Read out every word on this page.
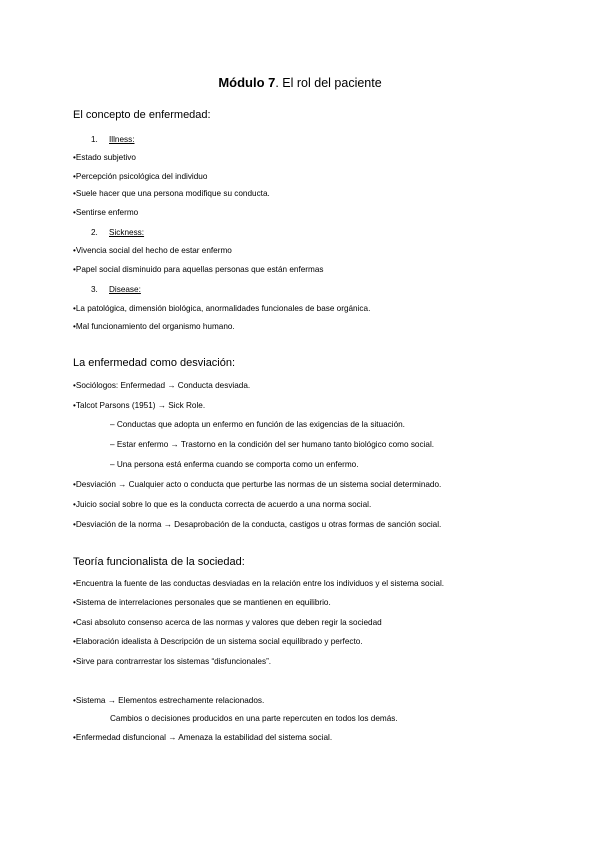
Módulo 7. El rol del paciente
El concepto de enfermedad:
1. Illness:
•Estado subjetivo
•Percepción psicológica del individuo
•Suele hacer que una persona modifique su conducta.
•Sentirse enfermo
2. Sickness:
•Vivencia social del hecho de estar enfermo
•Papel social disminuido para aquellas personas que están enfermas
3. Disease:
•La patológica, dimensión biológica, anormalidades funcionales de base orgánica.
•Mal funcionamiento del organismo humano.
La enfermedad como desviación:
•Sociólogos: Enfermedad → Conducta desviada.
•Talcot Parsons (1951) → Sick Role.
– Conductas que adopta un enfermo en función de las exigencias de la situación.
– Estar enfermo → Trastorno en la condición del ser humano tanto biológico como social.
– Una persona está enferma cuando se comporta como un enfermo.
•Desviación → Cualquier acto o conducta que perturbe las normas de un sistema social determinado.
•Juicio social sobre lo que es la conducta correcta de acuerdo a una norma social.
•Desviación de la norma → Desaprobación de la conducta, castigos u otras formas de sanción social.
Teoría funcionalista de la sociedad:
•Encuentra la fuente de las conductas desviadas en la relación entre los individuos y el sistema social.
•Sistema de interrelaciones personales que se mantienen en equilibrio.
•Casi absoluto consenso acerca de las normas y valores que deben regir la sociedad
•Elaboración idealista à Descripción de un sistema social equilibrado y perfecto.
•Sirve para contrarrestar los sistemas “disfuncionales”.
•Sistema → Elementos estrechamente relacionados.
Cambios o decisiones producidos en una parte repercuten en todos los demás.
•Enfermedad disfuncional → Amenaza la estabilidad del sistema social.
